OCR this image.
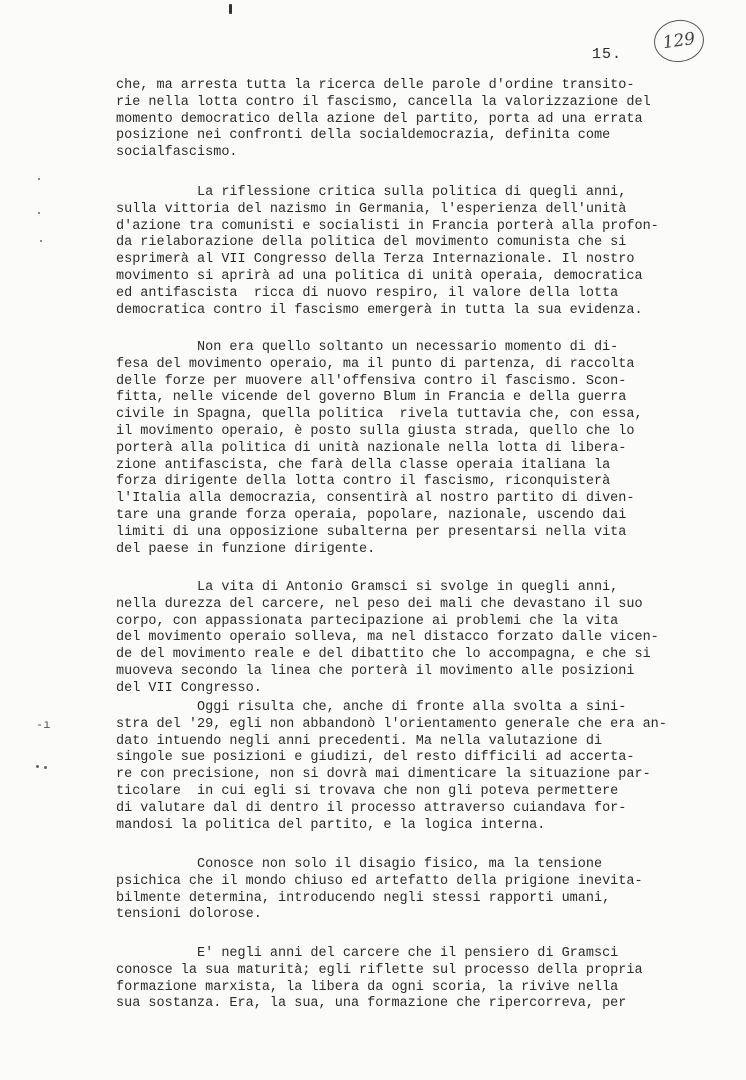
15.
129
che, ma arresta tutta la ricerca delle parole d'ordine transito-
rie nella lotta contro il fascismo, cancella la valorizzazione del
momento democratico della azione del partito, porta ad una errata
posizione nei confronti della socialdemocrazia, definita come
socialfascismo.
La riflessione critica sulla politica di quegli anni,
sulla vittoria del nazismo in Germania, l'esperienza dell'unità
d'azione tra comunisti e socialisti in Francia porterà alla profon-
da rielaborazione della politica del movimento comunista che si
esprimerà al VII Congresso della Terza Internazionale. Il nostro
movimento si aprirà ad una politica di unità operaia, democratica
ed antifascista  ricca di nuovo respiro, il valore della lotta
democratica contro il fascismo emergerà in tutta la sua evidenza.
Non era quello soltanto un necessario momento di di-
fesa del movimento operaio, ma il punto di partenza, di raccolta
delle forze per muovere all'offensiva contro il fascismo. Scon-
fitta, nelle vicende del governo Blum in Francia e della guerra
civile in Spagna, quella politica  rivela tuttavia che, con essa,
il movimento operaio, è posto sulla giusta strada, quello che lo
porterà alla politica di unità nazionale nella lotta di libera-
zione antifascista, che farà della classe operaia italiana la
forza dirigente della lotta contro il fascismo, riconquisterà
l'Italia alla democrazia, consentirà al nostro partito di diven-
tare una grande forza operaia, popolare, nazionale, uscendo dai
limiti di una opposizione subalterna per presentarsi nella vita
del paese in funzione dirigente.
La vita di Antonio Gramsci si svolge in quegli anni,
nella durezza del carcere, nel peso dei mali che devastano il suo
corpo, con appassionata partecipazione ai problemi che la vita
del movimento operaio solleva, ma nel distacco forzato dalle vicen-
de del movimento reale e del dibattito che lo accompagna, e che si
muoveva secondo la linea che porterà il movimento alle posizioni
del VII Congresso.
-ı
Oggi risulta che, anche di fronte alla svolta a sini-
stra del '29, egli non abbandonò l'orientamento generale che era an-
dato intuendo negli anni precedenti. Ma nella valutazione di
singole sue posizioni e giudizi, del resto difficili ad accerta-
re con precisione, non si dovrà mai dimenticare la situazione par-
ticolare  in cui egli si trovava che non gli poteva permettere
di valutare dal di dentro il processo attraverso cuiandava for-
mandosi la politica del partito, e la logica interna.
Conosce non solo il disagio fisico, ma la tensione
psichica che il mondo chiuso ed artefatto della prigione inevita-
bilmente determina, introducendo negli stessi rapporti umani,
tensioni dolorose.
E' negli anni del carcere che il pensiero di Gramsci
conosce la sua maturità; egli riflette sul processo della propria
formazione marxista, la libera da ogni scoria, la rivive nella
sua sostanza. Era, la sua, una formazione che ripercorreva, per
